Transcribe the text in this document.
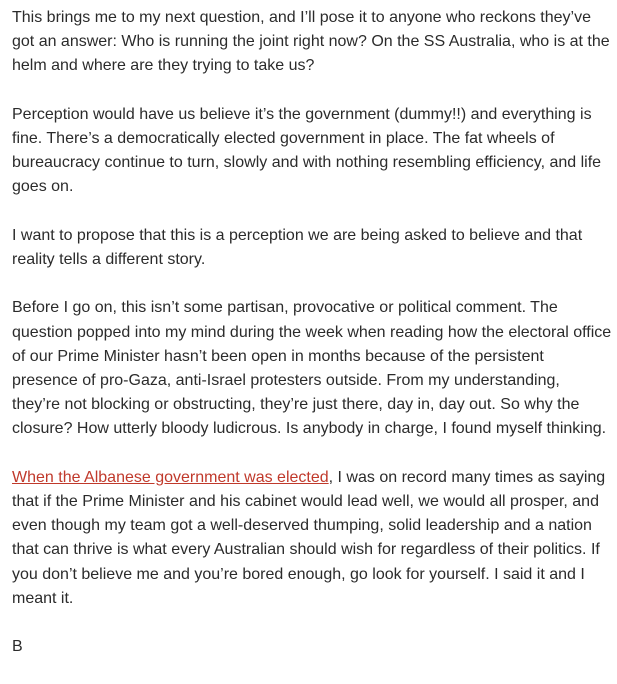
This brings me to my next question, and I’ll pose it to anyone who reckons they’ve got an answer: Who is running the joint right now? On the SS Australia, who is at the helm and where are they trying to take us?

Perception would have us believe it’s the government (dummy!!) and everything is fine. There’s a democratically elected government in place. The fat wheels of bureaucracy continue to turn, slowly and with nothing resembling efficiency, and life goes on.

I want to propose that this is a perception we are being asked to believe and that reality tells a different story.

Before I go on, this isn’t some partisan, provocative or political comment. The question popped into my mind during the week when reading how the electoral office of our Prime Minister hasn’t been open in months because of the persistent presence of pro-Gaza, anti-Israel protesters outside. From my understanding, they’re not blocking or obstructing, they’re just there, day in, day out. So why the closure? How utterly bloody ludicrous. Is anybody in charge, I found myself thinking.

When the Albanese government was elected, I was on record many times as saying that if the Prime Minister and his cabinet would lead well, we would all prosper, and even though my team got a well-deserved thumping, solid leadership and a nation that can thrive is what every Australian should wish for regardless of their politics. If you don’t believe me and you’re bored enough, go look for yourself. I said it and I meant it.

B
